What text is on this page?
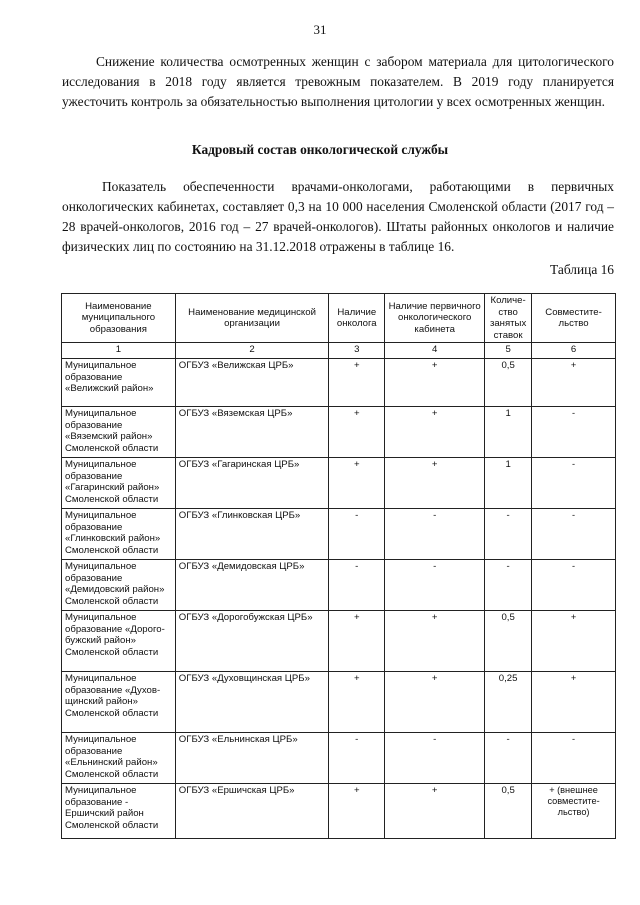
31

Снижение количества осмотренных женщин с забором материала для цитологического исследования в 2018 году является тревожным показателем. В 2019 году планируется ужесточить контроль за обязательностью выполнения цитологии у всех осмотренных женщин.

Кадровый состав онкологической службы

Показатель обеспеченности врачами-онкологами, работающими в первичных онкологических кабинетах, составляет 0,3 на 10 000 населения Смоленской области (2017 год – 28 врачей-онкологов, 2016 год – 27 врачей-онкологов). Штаты районных онкологов и наличие физических лиц по состоянию на 31.12.2018 отражены в таблице 16.

Таблица 16
Наименование муниципального образования	Наименование медицинской организации	Наличие онколога	Наличие первичного онкологического кабинета	Количе-ство занятых ставок	Совместите-льство
1	2	3	4	5	6
Муниципальное образование «Велижский район»	ОГБУЗ «Велижская ЦРБ»	+	+	0,5	+
Муниципальное образование «Вяземский район» Смоленской области	ОГБУЗ «Вяземская ЦРБ»	+	+	1	-
Муниципальное образование «Гагаринский район» Смоленской области	ОГБУЗ «Гагаринская ЦРБ»	+	+	1	-
Муниципальное образование «Глинковский район» Смоленской области	ОГБУЗ «Глинковская ЦРБ»	-	-	-	-
Муниципальное образование «Демидовский район» Смоленской области	ОГБУЗ «Демидовская ЦРБ»	-	-	-	-
Муниципальное образование «Дорого-бужский район» Смоленской области	ОГБУЗ «Дорогобужская ЦРБ»	+	+	0,5	+
Муниципальное образование «Духов-щинский район» Смоленской области	ОГБУЗ «Духовщинская ЦРБ»	+	+	0,25	+
Муниципальное образование «Ельнинский район» Смоленской области	ОГБУЗ «Ельнинская ЦРБ»	-	-	-	-
Муниципальное образование - Ершичский район Смоленской области	ОГБУЗ «Ершичская ЦРБ»	+	+	0,5	+ (внешнее совместите-льство)
